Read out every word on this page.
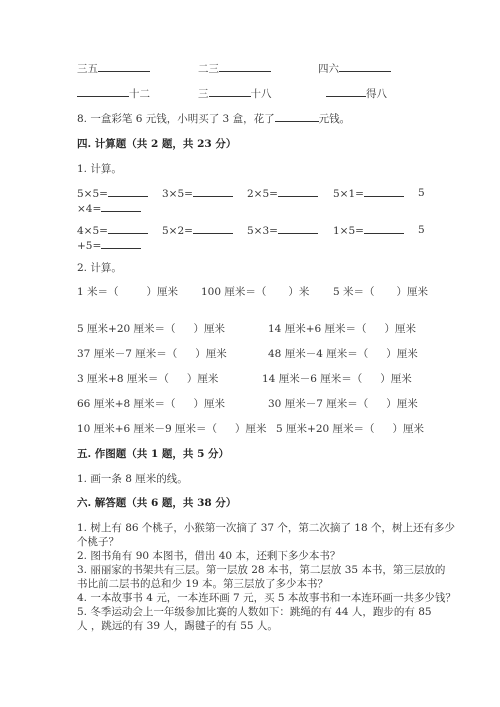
三五	二三	四六
十二	三	十八	得八
8. 一盒彩笔 6 元钱，小明买了 3 盒，花了	元钱。
四. 计算题（共 2 题，共 23 分）
1. 计算。
5×5=	3×5=	2×5=	5×1=	5
×4=
4×5=	5×2=	5×3=	1×5=	5
+5=
2. 计算。
1 米＝（	）厘米 100 厘米＝（ ）米 5 米＝（ ）厘米
5 厘米+20 厘米＝（ ）厘米	14 厘米+6 厘米＝（ ）厘米
37 厘米－7 厘米＝（ ）厘米	48 厘米－4 厘米＝（ ）厘米
3 厘米+8 厘米＝（ ）厘米	14 厘米－6 厘米＝（ ）厘米
66 厘米+8 厘米＝（ ）厘米	30 厘米－7 厘米＝（ ）厘米
10 厘米+6 厘米－9 厘米＝（ ）厘米 5 厘米+20 厘米＝（ ）厘米
五. 作图题（共 1 题，共 5 分）
1. 画一条 8 厘米的线。
六. 解答题（共 6 题，共 38 分）
1. 树上有 86 个桃子，小猴第一次摘了 37 个，第二次摘了 18 个，树上还有多少
个桃子？
2. 图书角有 90 本图书，借出 40 本，还剩下多少本书？
3. 丽丽家的书架共有三层。第一层放 28 本书，第二层放 35 本书，第三层放的
书比前二层书的总和少 19 本。第三层放了多少本书？
4. 一本故事书 4 元，一本连环画 7 元，买 5 本故事书和一本连环画一共多少钱？
5. 冬季运动会上一年级参加比赛的人数如下：跳绳的有 44 人，跑步的有 85
人 ，跳远的有 39 人，踢毽子的有 55 人。
